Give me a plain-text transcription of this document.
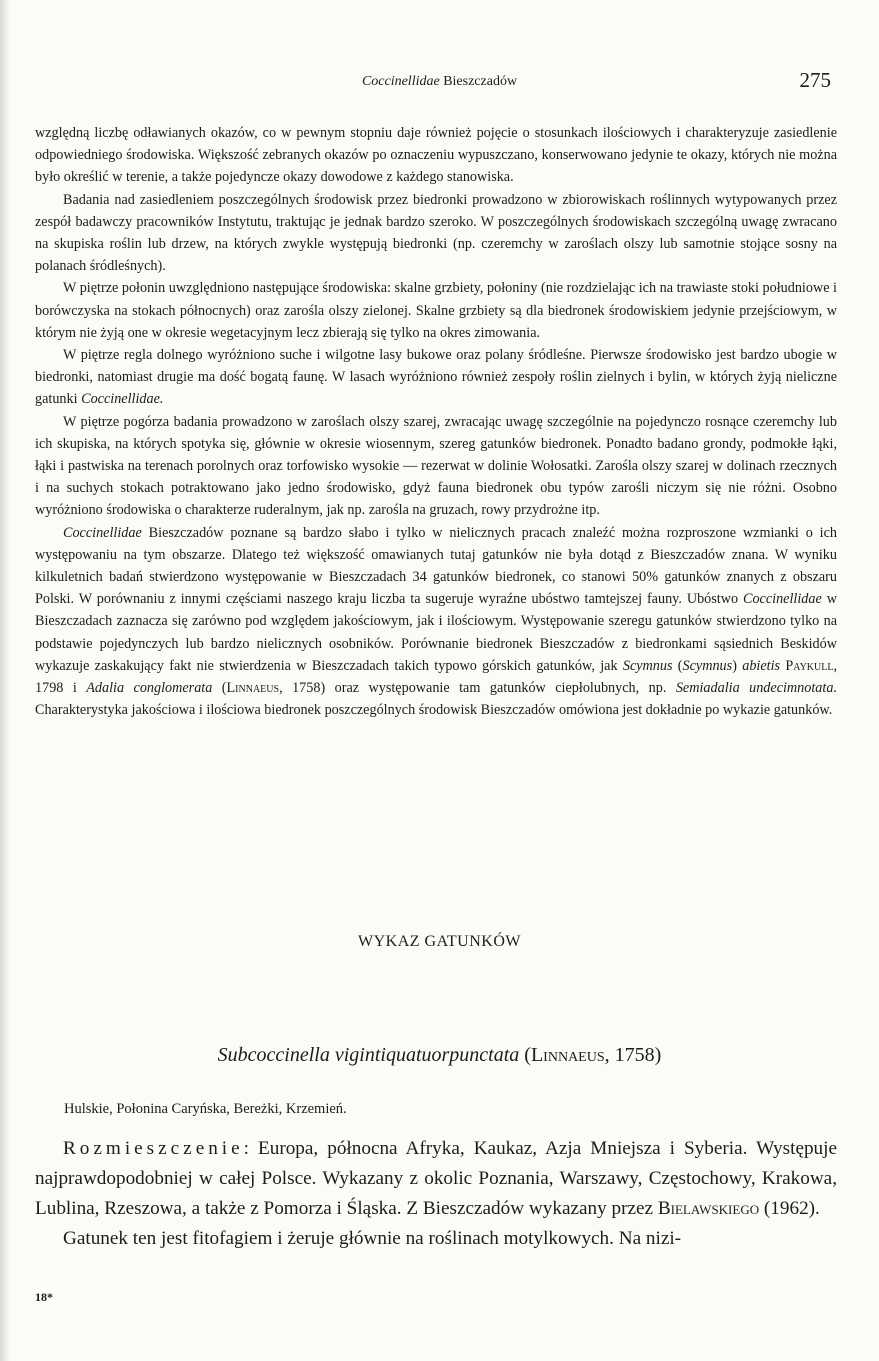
Coccinellidae Bieszczadów	275

względną liczbę odławianych okazów, co w pewnym stopniu daje również pojęcie o stosunkach ilościowych i charakteryzuje zasiedlenie odpowiedniego środowiska. Większość zebranych okazów po oznaczeniu wypuszczano, konserwowano jedynie te okazy, których nie można było określić w terenie, a także pojedyncze okazy dowodowe z każdego stanowiska.

Badania nad zasiedleniem poszczególnych środowisk przez biedronki prowadzono w zbiorowiskach roślinnych wytypowanych przez zespół badawczy pracowników Instytutu, traktując je jednak bardzo szeroko. W poszczególnych środowiskach szczególną uwagę zwracano na skupiska roślin lub drzew, na których zwykle występują biedronki (np. czeremchy w zaroślach olszy lub samotnie stojące sosny na polanach śródleśnych).

W piętrze połonin uwzględniono następujące środowiska: skalne grzbiety, połoniny (nie rozdzielając ich na trawiaste stoki południowe i borówczyska na stokach północnych) oraz zarośla olszy zielonej. Skalne grzbiety są dla biedronek środowiskiem jedynie przejściowym, w którym nie żyją one w okresie wegetacyjnym lecz zbierają się tylko na okres zimowania.

W piętrze regla dolnego wyróżniono suche i wilgotne lasy bukowe oraz polany śródleśne. Pierwsze środowisko jest bardzo ubogie w biedronki, natomiast drugie ma dość bogatą faunę. W lasach wyróżniono również zespoły roślin zielnych i bylin, w których żyją nieliczne gatunki Coccinellidae.

W piętrze pogórza badania prowadzono w zaroślach olszy szarej, zwracając uwagę szczególnie na pojedynczo rosnące czeremchy lub ich skupiska, na których spotyka się, głównie w okresie wiosennym, szereg gatunków biedronek. Ponadto badano grondy, podmokłe łąki, łąki i pastwiska na terenach porolnych oraz torfowisko wysokie — rezerwat w dolinie Wołosatki. Zarośla olszy szarej w dolinach rzecznych i na suchych stokach potraktowano jako jedno środowisko, gdyż fauna biedronek obu typów zarośli niczym się nie różni. Osobno wyróżniono środowiska o charakterze ruderalnym, jak np. zarośla na gruzach, rowy przydrożne itp.

Coccinellidae Bieszczadów poznane są bardzo słabo i tylko w nielicznych pracach znaleźć można rozproszone wzmianki o ich występowaniu na tym obszarze. Dlatego też większość omawianych tutaj gatunków nie była dotąd z Bieszczadów znana. W wyniku kilkuletnich badań stwierdzono występowanie w Bieszczadach 34 gatunków biedronek, co stanowi 50% gatunków znanych z obszaru Polski. W porównaniu z innymi częściami naszego kraju liczba ta sugeruje wyraźne ubóstwo tamtejszej fauny. Ubóstwo Coccinellidae w Bieszczadach zaznacza się zarówno pod względem jakościowym, jak i ilościowym. Występowanie szeregu gatunków stwierdzono tylko na podstawie pojedynczych lub bardzo nielicznych osobników. Porównanie biedronek Bieszczadów z biedronkami sąsiednich Beskidów wykazuje zaskakujący fakt nie stwierdzenia w Bieszczadach takich typowo górskich gatunków, jak Scymnus (Scymnus) abietis Paykull, 1798 i Adalia conglomerata (Linnaeus, 1758) oraz występowanie tam gatunków ciepłolubnych, np. Semiadalia undecimnotata. Charakterystyka jakościowa i ilościowa biedronek poszczególnych środowisk Bieszczadów omówiona jest dokładnie po wykazie gatunków.

WYKAZ GATUNKÓW
Subcoccinella vigintiquatuorpunctata (Linnaeus, 1758)
Hulskie, Połonina Caryńska, Bereżki, Krzemień.

Rozmieszczenie: Europa, północna Afryka, Kaukaz, Azja Mniejsza i Syberia. Występuje najprawdopodobniej w całej Polsce. Wykazany z okolic Poznania, Warszawy, Częstochowy, Krakowa, Lublina, Rzeszowa, a także z Pomorza i Śląska. Z Bieszczadów wykazany przez Bielawskiego (1962).

Gatunek ten jest fitofagiem i żeruje głównie na roślinach motylkowych. Na nizi-

18*
